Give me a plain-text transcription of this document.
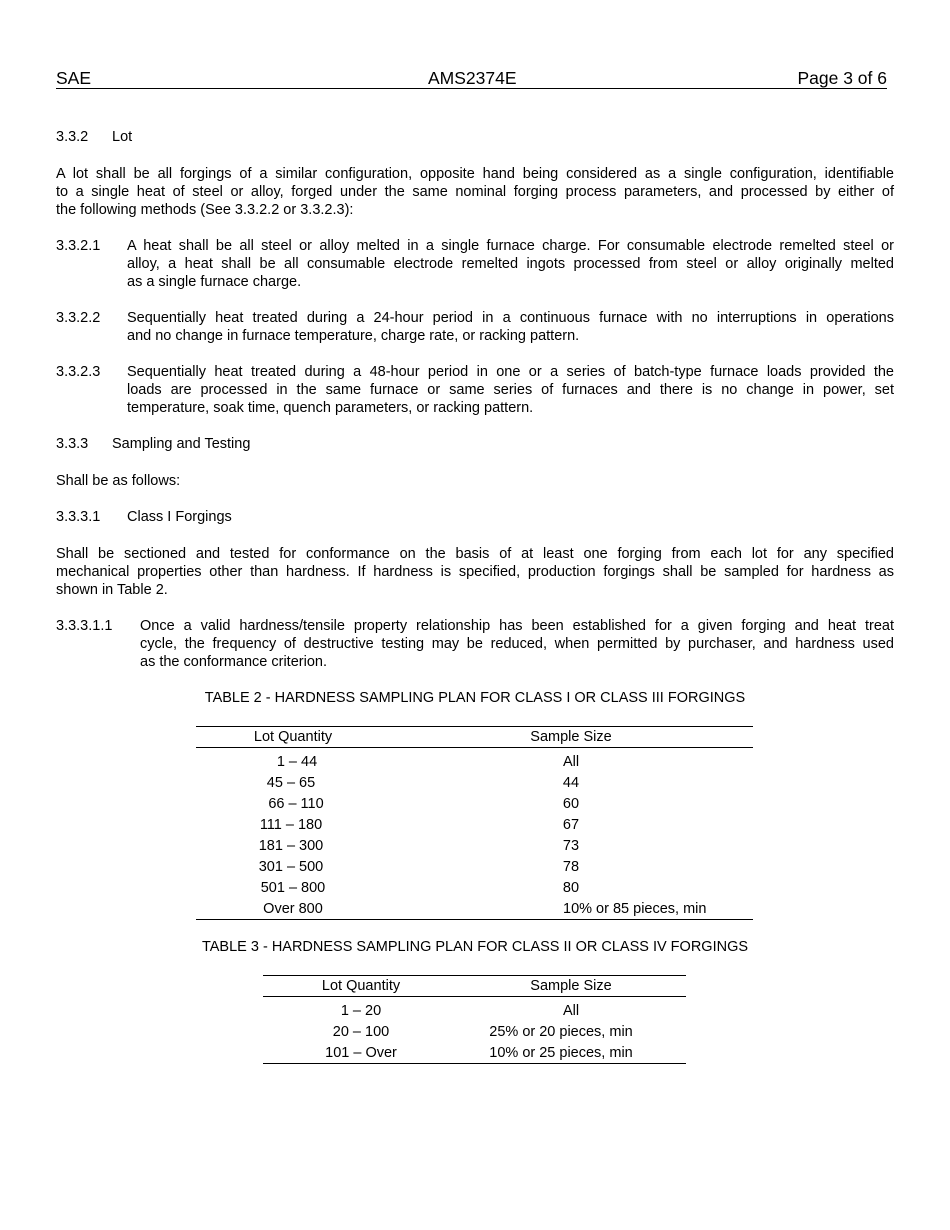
SAE	AMS2374E	Page 3 of 6
3.3.2 Lot
A lot shall be all forgings of a similar configuration, opposite hand being considered as a single configuration, identifiable
to a single heat of steel or alloy, forged under the same nominal forging process parameters, and processed by either of
the following methods (See 3.3.2.2 or 3.3.2.3):
3.3.2.1 A heat shall be all steel or alloy melted in a single furnace charge. For consumable electrode remelted steel or
alloy, a heat shall be all consumable electrode remelted ingots processed from steel or alloy originally melted
as a single furnace charge.
3.3.2.2 Sequentially heat treated during a 24-hour period in a continuous furnace with no interruptions in operations
and no change in furnace temperature, charge rate, or racking pattern.
3.3.2.3 Sequentially heat treated during a 48-hour period in one or a series of batch-type furnace loads provided the
loads are processed in the same furnace or same series of furnaces and there is no change in power, set
temperature, soak time, quench parameters, or racking pattern.
3.3.3 Sampling and Testing
Shall be as follows:
3.3.3.1 Class I Forgings
Shall be sectioned and tested for conformance on the basis of at least one forging from each lot for any specified
mechanical properties other than hardness. If hardness is specified, production forgings shall be sampled for hardness as
shown in Table 2.
3.3.3.1.1 Once a valid hardness/tensile property relationship has been established for a given forging and heat treat
cycle, the frequency of destructive testing may be reduced, when permitted by purchaser, and hardness used
as the conformance criterion.
TABLE 2 - HARDNESS SAMPLING PLAN FOR CLASS I OR CLASS III FORGINGS
Lot Quantity	Sample Size
1 – 44	All
45 – 65	44
66 – 110	60
111 – 180	67
181 – 300	73
301 – 500	78
501 – 800	80
Over 800	10% or 85 pieces, min
TABLE 3 - HARDNESS SAMPLING PLAN FOR CLASS II OR CLASS IV FORGINGS
Lot Quantity	Sample Size
1 – 20	All
20 – 100	25% or 20 pieces, min
101 – Over	10% or 25 pieces, min
